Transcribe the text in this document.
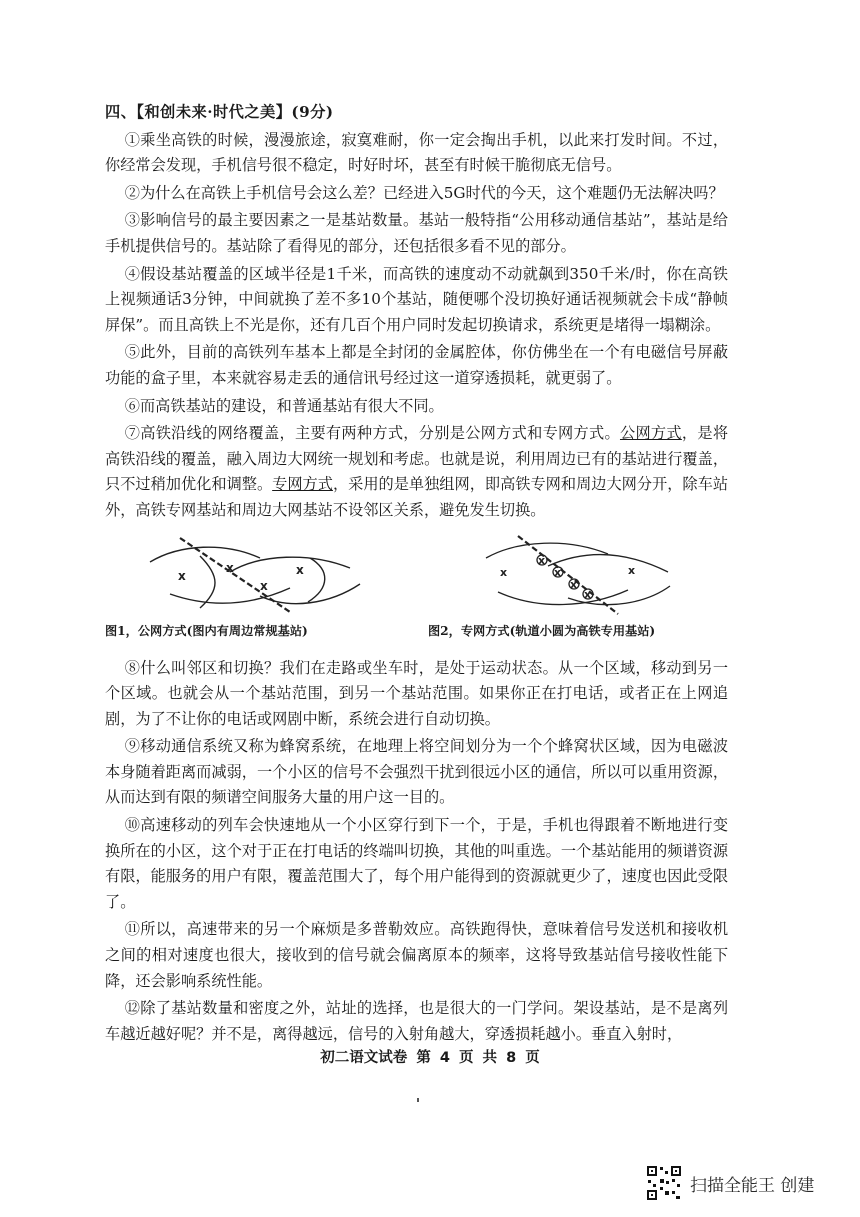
四、【和创未来·时代之美】(9分)

①乘坐高铁的时候，漫漫旅途，寂寞难耐，你一定会掏出手机，以此来打发时间。不过，你经常会发现，手机信号很不稳定，时好时坏，甚至有时候干脆彻底无信号。

②为什么在高铁上手机信号会这么差？已经进入5G时代的今天，这个难题仍无法解决吗？

③影响信号的最主要因素之一是基站数量。基站一般特指“公用移动通信基站”，基站是给手机提供信号的。基站除了看得见的部分，还包括很多看不见的部分。

④假设基站覆盖的区域半径是1千米，而高铁的速度动不动就飙到350千米/时，你在高铁上视频通话3分钟，中间就换了差不多10个基站，随便哪个没切换好通话视频就会卡成“静帧屏保”。而且高铁上不光是你，还有几百个用户同时发起切换请求，系统更是堵得一塌糊涂。

⑤此外，目前的高铁列车基本上都是全封闭的金属腔体，你仿佛坐在一个有电磁信号屏蔽功能的盒子里，本来就容易走丢的通信讯号经过这一道穿透损耗，就更弱了。

⑥而高铁基站的建设，和普通基站有很大不同。

⑦高铁沿线的网络覆盖，主要有两种方式，分别是公网方式和专网方式。公网方式，是将高铁沿线的覆盖，融入周边大网统一规划和考虑。也就是说，利用周边已有的基站进行覆盖，只不过稍加优化和调整。专网方式，采用的是单独组网，即高铁专网和周边大网分开，除车站外，高铁专网基站和周边大网基站不设邻区关系，避免发生切换。

x
x
x
x
图1，公网方式(图内有周边常规基站)
x
x
x
x
x
x
图2，专网方式(轨道小圆为高铁专用基站)

⑧什么叫邻区和切换？我们在走路或坐车时，是处于运动状态。从一个区域，移动到另一个区域。也就会从一个基站范围，到另一个基站范围。如果你正在打电话，或者正在上网追剧，为了不让你的电话或网剧中断，系统会进行自动切换。

⑨移动通信系统又称为蜂窝系统，在地理上将空间划分为一个个蜂窝状区域，因为电磁波本身随着距离而减弱，一个小区的信号不会强烈干扰到很远小区的通信，所以可以重用资源，从而达到有限的频谱空间服务大量的用户这一目的。

⑩高速移动的列车会快速地从一个小区穿行到下一个，于是，手机也得跟着不断地进行变换所在的小区，这个对于正在打电话的终端叫切换，其他的叫重选。一个基站能用的频谱资源有限，能服务的用户有限，覆盖范围大了，每个用户能得到的资源就更少了，速度也因此受限了。

⑪所以，高速带来的另一个麻烦是多普勒效应。高铁跑得快，意味着信号发送机和接收机之间的相对速度也很大，接收到的信号就会偏离原本的频率，这将导致基站信号接收性能下降，还会影响系统性能。

⑫除了基站数量和密度之外，站址的选择，也是很大的一门学问。架设基站，是不是离列车越近越好呢？并不是，离得越远，信号的入射角越大，穿透损耗越小。垂直入射时，

初二语文试卷 第 4 页 共 8 页
扫描全能王 创建
